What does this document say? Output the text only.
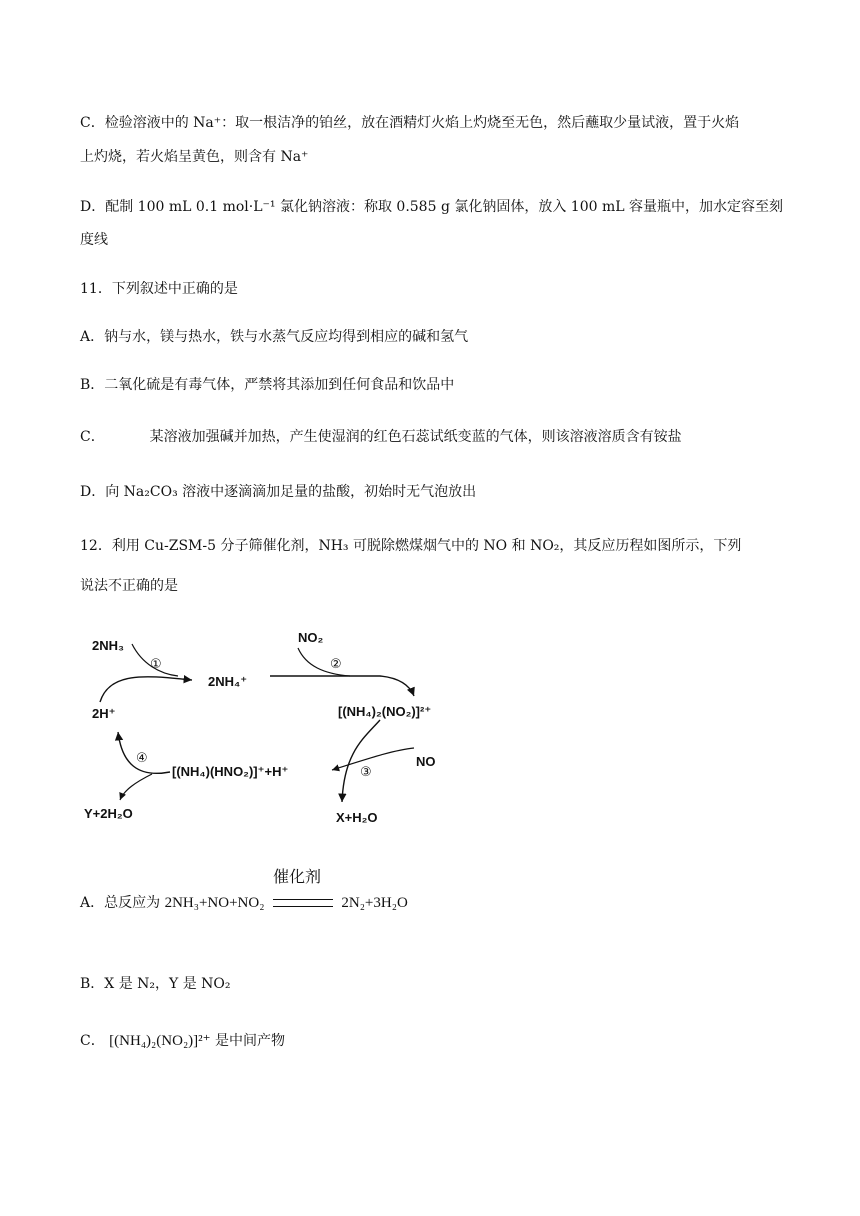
C．检验溶液中的 Na⁺：取一根洁净的铂丝，放在酒精灯火焰上灼烧至无色，然后蘸取少量试液，置于火焰
上灼烧，若火焰呈黄色，则含有 Na⁺
D．配制 100 mL 0.1 mol·L⁻¹ 氯化钠溶液：称取 0.585 g 氯化钠固体，放入 100 mL 容量瓶中，加水定容至刻
度线
11．下列叙述中正确的是
A．钠与水，镁与热水，铁与水蒸气反应均得到相应的碱和氢气
B．二氧化硫是有毒气体，严禁将其添加到任何食品和饮品中
C．	某溶液加强碱并加热，产生使湿润的红色石蕊试纸变蓝的气体，则该溶液溶质含有铵盐
D．向 Na₂CO₃ 溶液中逐滴滴加足量的盐酸，初始时无气泡放出
12．利用 Cu-ZSM-5 分子筛催化剂，NH₃ 可脱除燃煤烟气中的 NO 和 NO₂，其反应历程如图所示，下列
说法不正确的是
2NH₃
①
2NH₄⁺
NO₂
②
[(NH₄)₂(NO₂)]²⁺
NO
③
X+H₂O
[(NH₄)(HNO₂)]⁺+H⁺
④
Y+2H₂O
2H⁺
催化剂
A．总反应为 2NH₃+NO+NO₂	2N₂+3H₂O
B．X 是 N₂，Y 是 NO₂
C． [(NH₄)₂(NO₂)]²⁺ 是中间产物
